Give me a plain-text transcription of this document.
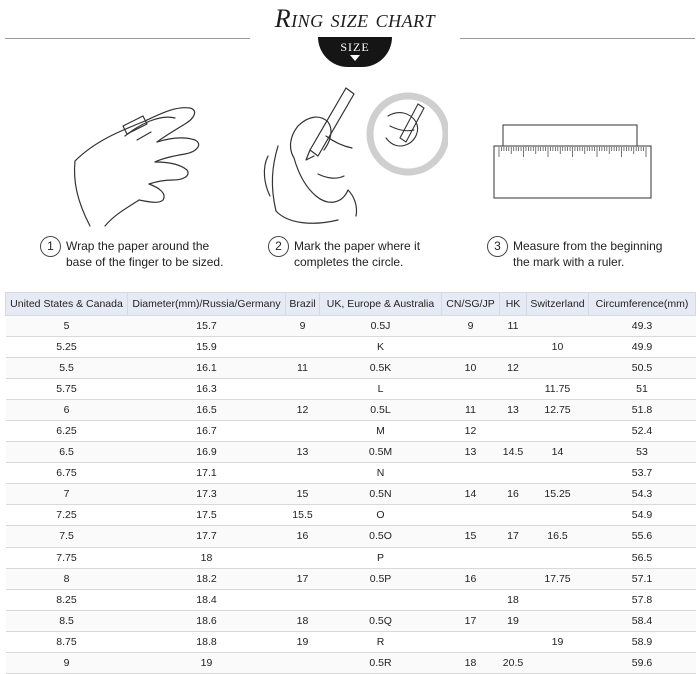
Ring size chart
SIZE
1	Wrap the paper around the
base of the finger to be sized.
2	Mark the paper where it
completes the circle.
3	Measure from the beginning
the mark with a ruler.
United States & Canada	Diameter(mm)/Russia/Germany	Brazil	UK, Europe & Australia	CN/SG/JP	HK	Switzerland	Circumference(mm)
5	15.7	9	0.5J	9	11		49.3
5.25	15.9		K			10	49.9
5.5	16.1	11	0.5K	10	12		50.5
5.75	16.3		L			11.75	51
6	16.5	12	0.5L	11	13	12.75	51.8
6.25	16.7		M	12			52.4
6.5	16.9	13	0.5M	13	14.5	14	53
6.75	17.1		N				53.7
7	17.3	15	0.5N	14	16	15.25	54.3
7.25	17.5	15.5	O				54.9
7.5	17.7	16	0.5O	15	17	16.5	55.6
7.75	18		P				56.5
8	18.2	17	0.5P	16		17.75	57.1
8.25	18.4				18		57.8
8.5	18.6	18	0.5Q	17	19		58.4
8.75	18.8	19	R			19	58.9
9	19		0.5R	18	20.5		59.6
